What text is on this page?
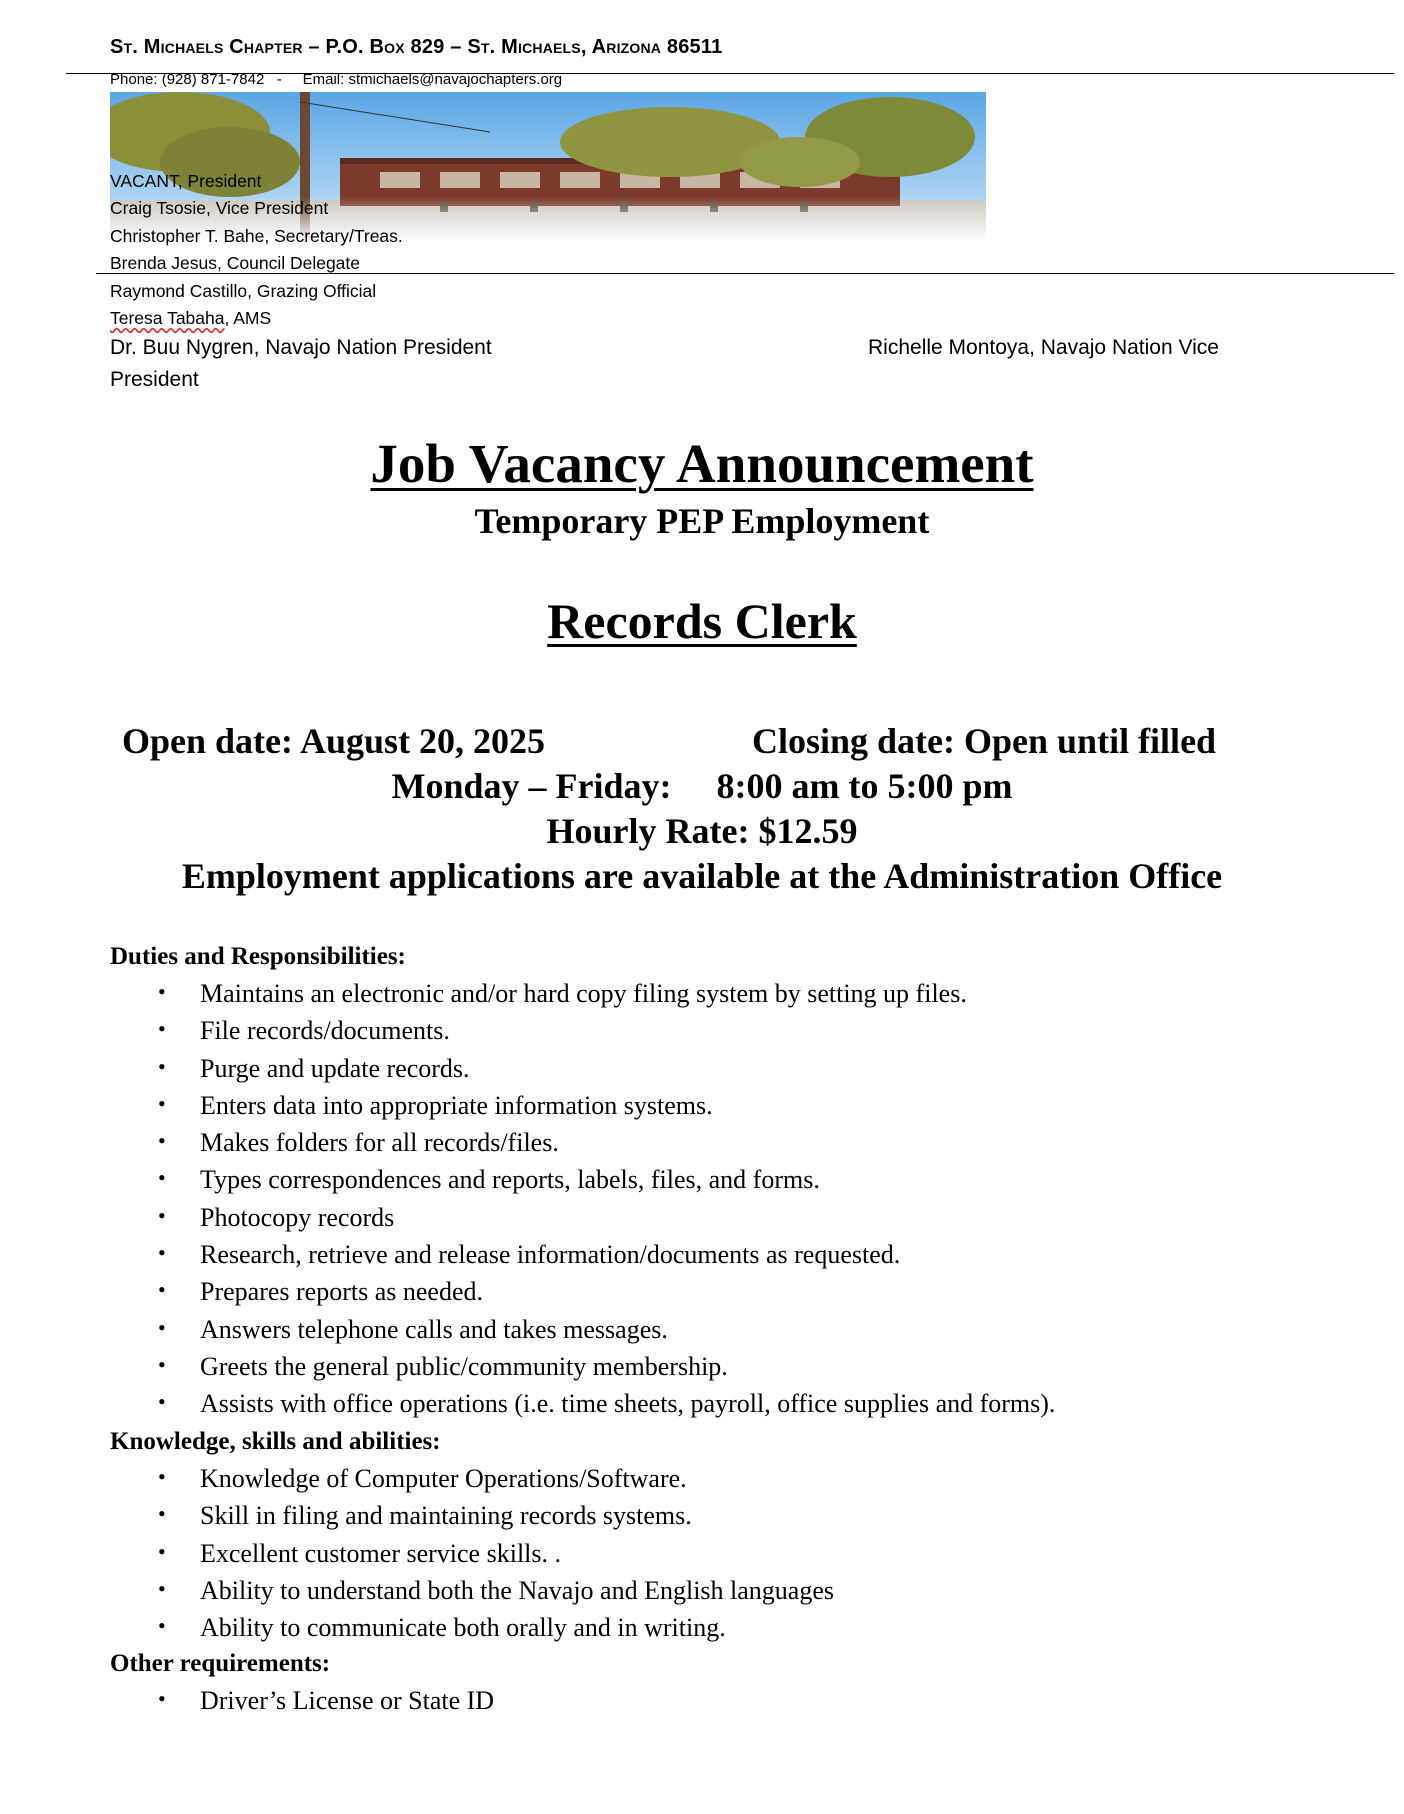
St. Michaels Chapter – P.O. Box 829 – St. Michaels, Arizona 86511
Phone: (928) 871-7842   -     Email: stmichaels@navajochapters.org
VACANT, President
Craig Tsosie, Vice President
Christopher T. Bahe, Secretary/Treas.
Brenda Jesus, Council Delegate
Raymond Castillo, Grazing Official
Teresa Tabaha, AMS
Dr. Buu Nygren, Navajo Nation President	Richelle Montoya, Navajo Nation Vice
President
Job Vacancy Announcement
Temporary PEP Employment
Records Clerk
Open date: August 20, 2025	Closing date: Open until filled
Monday – Friday:     8:00 am to 5:00 pm
Hourly Rate: $12.59
Employment applications are available at the Administration Office
Duties and Responsibilities:
• Maintains an electronic and/or hard copy filing system by setting up files.
• File records/documents.
• Purge and update records.
• Enters data into appropriate information systems.
• Makes folders for all records/files.
• Types correspondences and reports, labels, files, and forms.
• Photocopy records
• Research, retrieve and release information/documents as requested.
• Prepares reports as needed.
• Answers telephone calls and takes messages.
• Greets the general public/community membership.
• Assists with office operations (i.e. time sheets, payroll, office supplies and forms).
Knowledge, skills and abilities:
• Knowledge of Computer Operations/Software.
• Skill in filing and maintaining records systems.
• Excellent customer service skills. .
• Ability to understand both the Navajo and English languages
• Ability to communicate both orally and in writing.
Other requirements:
• Driver’s License or State ID
